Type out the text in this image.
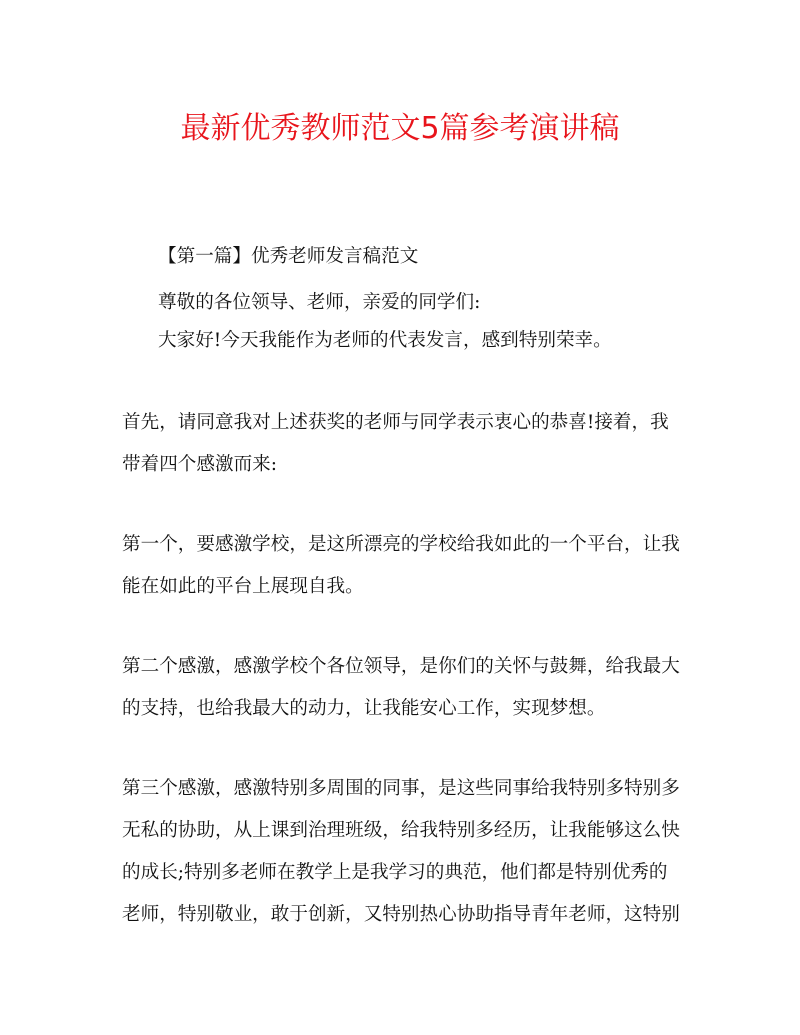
最新优秀教师范文5篇参考演讲稿
【第一篇】优秀老师发言稿范文
尊敬的各位领导、老师，亲爱的同学们:
大家好!今天我能作为老师的代表发言，感到特别荣幸。
首先，请同意我对上述获奖的老师与同学表示衷心的恭喜!接着，我
带着四个感激而来:
第一个，要感激学校，是这所漂亮的学校给我如此的一个平台，让我
能在如此的平台上展现自我。
第二个感激，感激学校个各位领导，是你们的关怀与鼓舞，给我最大
的支持，也给我最大的动力，让我能安心工作，实现梦想。
第三个感激，感激特别多周围的同事，是这些同事给我特别多特别多
无私的协助，从上课到治理班级，给我特别多经历，让我能够这么快
的成长;特别多老师在教学上是我学习的典范，他们都是特别优秀的
老师，特别敬业，敢于创新，又特别热心协助指导青年老师，这特别
